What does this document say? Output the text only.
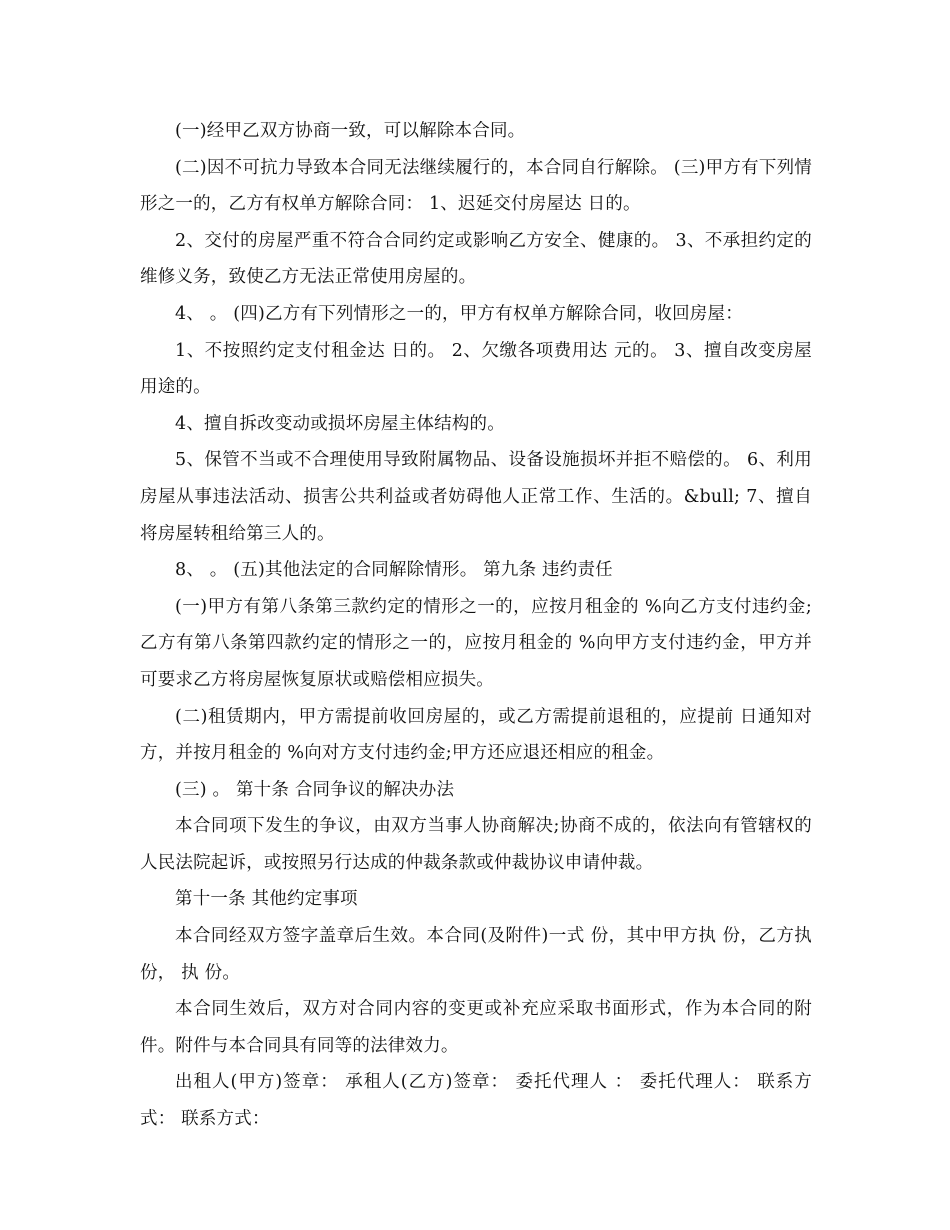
(一)经甲乙双方协商一致，可以解除本合同。

(二)因不可抗力导致本合同无法继续履行的，本合同自行解除。 (三)甲方有下列情形之一的，乙方有权单方解除合同： 1、迟延交付房屋达 日的。

2、交付的房屋严重不符合合同约定或影响乙方安全、健康的。 3、不承担约定的维修义务，致使乙方无法正常使用房屋的。

4、 。 (四)乙方有下列情形之一的，甲方有权单方解除合同，收回房屋：

1、不按照约定支付租金达 日的。 2、欠缴各项费用达 元的。 3、擅自改变房屋用途的。

4、擅自拆改变动或损坏房屋主体结构的。

5、保管不当或不合理使用导致附属物品、设备设施损坏并拒不赔偿的。 6、利用房屋从事违法活动、损害公共利益或者妨碍他人正常工作、生活的。&bull; 7、擅自将房屋转租给第三人的。

8、 。 (五)其他法定的合同解除情形。 第九条 违约责任

(一)甲方有第八条第三款约定的情形之一的，应按月租金的 %向乙方支付违约金;乙方有第八条第四款约定的情形之一的，应按月租金的 %向甲方支付违约金，甲方并可要求乙方将房屋恢复原状或赔偿相应损失。

(二)租赁期内，甲方需提前收回房屋的，或乙方需提前退租的，应提前 日通知对方，并按月租金的 %向对方支付违约金;甲方还应退还相应的租金。

(三) 。 第十条 合同争议的解决办法

本合同项下发生的争议，由双方当事人协商解决;协商不成的，依法向有管辖权的人民法院起诉，或按照另行达成的仲裁条款或仲裁协议申请仲裁。

第十一条 其他约定事项

本合同经双方签字盖章后生效。本合同(及附件)一式 份，其中甲方执 份，乙方执 份， 执 份。

本合同生效后，双方对合同内容的变更或补充应采取书面形式，作为本合同的附件。附件与本合同具有同等的法律效力。

出租人(甲方)签章： 承租人(乙方)签章： 委托代理人 ： 委托代理人： 联系方式： 联系方式：
